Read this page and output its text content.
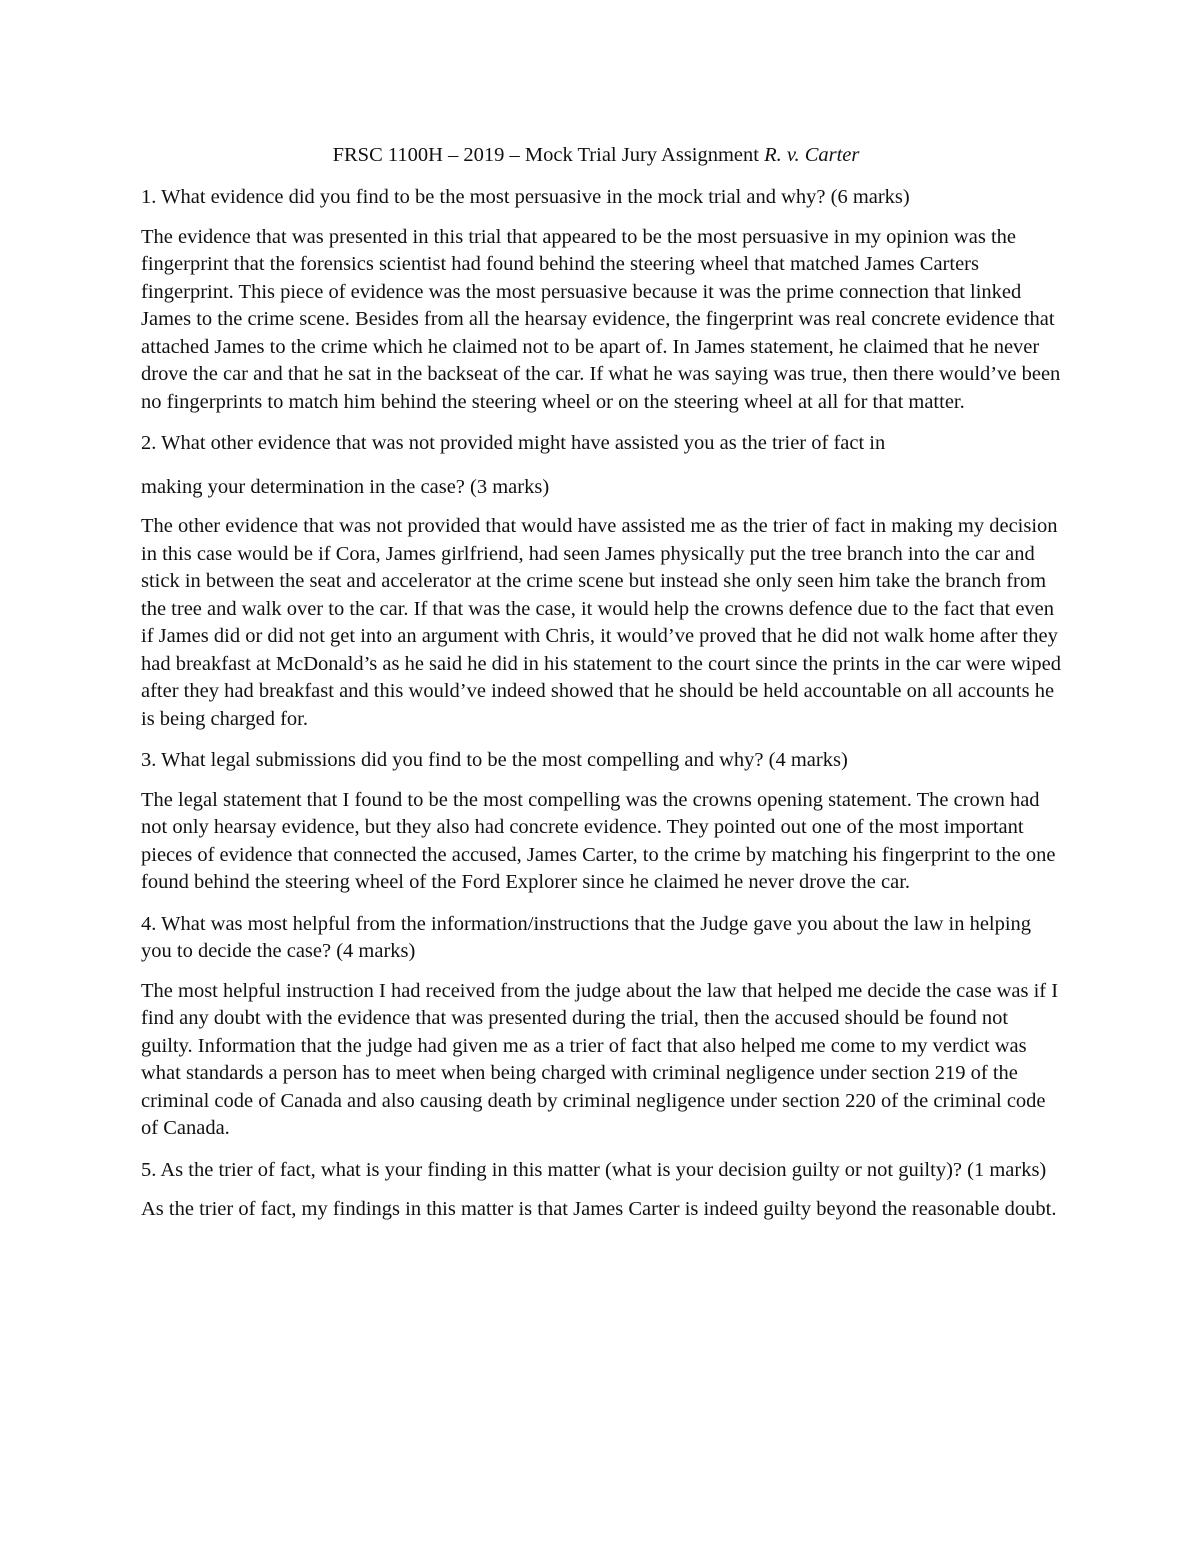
FRSC 1100H – 2019 – Mock Trial Jury Assignment R. v. Carter

1. What evidence did you find to be the most persuasive in the mock trial and why? (6 marks)

The evidence that was presented in this trial that appeared to be the most persuasive in my opinion was the fingerprint that the forensics scientist had found behind the steering wheel that matched James Carters fingerprint. This piece of evidence was the most persuasive because it was the prime connection that linked James to the crime scene. Besides from all the hearsay evidence, the fingerprint was real concrete evidence that attached James to the crime which he claimed not to be apart of. In James statement, he claimed that he never drove the car and that he sat in the backseat of the car. If what he was saying was true, then there would’ve been no fingerprints to match him behind the steering wheel or on the steering wheel at all for that matter.

2. What other evidence that was not provided might have assisted you as the trier of fact in
making your determination in the case? (3 marks)

The other evidence that was not provided that would have assisted me as the trier of fact in making my decision in this case would be if Cora, James girlfriend, had seen James physically put the tree branch into the car and stick in between the seat and accelerator at the crime scene but instead she only seen him take the branch from the tree and walk over to the car. If that was the case, it would help the crowns defence due to the fact that even if James did or did not get into an argument with Chris, it would’ve proved that he did not walk home after they had breakfast at McDonald’s as he said he did in his statement to the court since the prints in the car were wiped after they had breakfast and this would’ve indeed showed that he should be held accountable on all accounts he is being charged for.

3. What legal submissions did you find to be the most compelling and why? (4 marks)

The legal statement that I found to be the most compelling was the crowns opening statement. The crown had not only hearsay evidence, but they also had concrete evidence. They pointed out one of the most important pieces of evidence that connected the accused, James Carter, to the crime by matching his fingerprint to the one found behind the steering wheel of the Ford Explorer since he claimed he never drove the car.

4. What was most helpful from the information/instructions that the Judge gave you about the law in helping you to decide the case? (4 marks)

The most helpful instruction I had received from the judge about the law that helped me decide the case was if I find any doubt with the evidence that was presented during the trial, then the accused should be found not guilty. Information that the judge had given me as a trier of fact that also helped me come to my verdict was what standards a person has to meet when being charged with criminal negligence under section 219 of the criminal code of Canada and also causing death by criminal negligence under section 220 of the criminal code of Canada.

5. As the trier of fact, what is your finding in this matter (what is your decision guilty or not guilty)? (1 marks)

As the trier of fact, my findings in this matter is that James Carter is indeed guilty beyond the reasonable doubt.
